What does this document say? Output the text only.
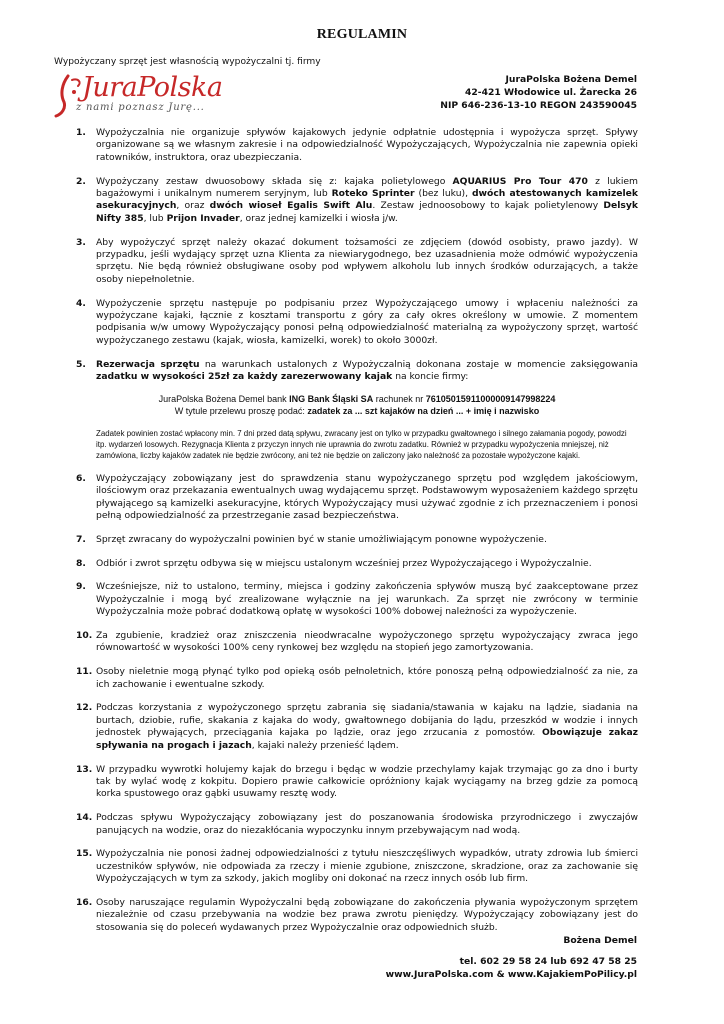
REGULAMIN
Wypożyczany sprzęt jest własnością wypożyczalni tj. firmy
JuraPolska
z nami poznasz Jurę...
JuraPolska Bożena Demel
42-421 Włodowice ul. Żarecka 26
NIP 646-236-13-10 REGON 243590045
1. Wypożyczalnia nie organizuje spływów kajakowych jedynie odpłatnie udostępnia i wypożycza sprzęt. Spływy organizowane są we własnym zakresie i na odpowiedzialność Wypożyczających, Wypożyczalnia nie zapewnia opieki ratowników, instruktora, oraz ubezpieczania.
2. Wypożyczany zestaw dwuosobowy składa się z: kajaka polietylowego AQUARIUS Pro Tour 470 z lukiem bagażowymi i unikalnym numerem seryjnym, lub Roteko Sprinter (bez luku), dwóch atestowanych kamizelek asekuracyjnych, oraz dwóch wioseł Egalis Swift Alu. Zestaw jednoosobowy to kajak polietylenowy Delsyk Nifty 385, lub Prijon Invader, oraz jednej kamizelki i wiosła j/w.
3. Aby wypożyczyć sprzęt należy okazać dokument tożsamości ze zdjęciem (dowód osobisty, prawo jazdy). W przypadku, jeśli wydający sprzęt uzna Klienta za niewiarygodnego, bez uzasadnienia może odmówić wypożyczenia sprzętu. Nie będą również obsługiwane osoby pod wpływem alkoholu lub innych środków odurzających, a także osoby niepełnoletnie.
4. Wypożyczenie sprzętu następuje po podpisaniu przez Wypożyczającego umowy i wpłaceniu należności za wypożyczane kajaki, łącznie z kosztami transportu z góry za cały okres określony w umowie. Z momentem podpisania w/w umowy Wypożyczający ponosi pełną odpowiedzialność materialną za wypożyczony sprzęt, wartość wypożyczanego zestawu (kajak, wiosła, kamizelki, worek) to około 3000zł.
5. Rezerwacja sprzętu na warunkach ustalonych z Wypożyczalnią dokonana zostaje w momencie zaksięgowania zadatku w wysokości 25zł za każdy zarezerwowany kajak na koncie firmy:
JuraPolska Bożena Demel bank ING Bank Śląski SA rachunek nr 76105015911000009147998224
W tytule przelewu proszę podać: zadatek za ... szt kajaków na dzień ... + imię i nazwisko
Zadatek powinien zostać wpłacony min. 7 dni przed datą spływu, zwracany jest on tylko w przypadku gwałtownego i silnego załamania pogody, powodzi itp. wydarzeń losowych. Rezygnacja Klienta z przyczyn innych nie uprawnia do zwrotu zadatku. Również w przypadku wypożyczenia mniejszej, niż zamówiona, liczby kajaków zadatek nie będzie zwrócony, ani też nie będzie on zaliczony jako należność za pozostałe wypożyczone kajaki.
6. Wypożyczający zobowiązany jest do sprawdzenia stanu wypożyczanego sprzętu pod względem jakościowym, ilościowym oraz przekazania ewentualnych uwag wydającemu sprzęt. Podstawowym wyposażeniem każdego sprzętu pływającego są kamizelki asekuracyjne, których Wypożyczający musi używać zgodnie z ich przeznaczeniem i ponosi pełną odpowiedzialność za przestrzeganie zasad bezpieczeństwa.
7. Sprzęt zwracany do wypożyczalni powinien być w stanie umożliwiającym ponowne wypożyczenie.
8. Odbiór i zwrot sprzętu odbywa się w miejscu ustalonym wcześniej przez Wypożyczającego i Wypożyczalnie.
9. Wcześniejsze, niż to ustalono, terminy, miejsca i godziny zakończenia spływów muszą być zaakceptowane przez Wypożyczalnie i mogą być zrealizowane wyłącznie na jej warunkach. Za sprzęt nie zwrócony w terminie Wypożyczalnia może pobrać dodatkową opłatę w wysokości 100% dobowej należności za wypożyczenie.
10. Za zgubienie, kradzież oraz zniszczenia nieodwracalne wypożyczonego sprzętu wypożyczający zwraca jego równowartość w wysokości 100% ceny rynkowej bez względu na stopień jego zamortyzowania.
11. Osoby nieletnie mogą płynąć tylko pod opieką osób pełnoletnich, które ponoszą pełną odpowiedzialność za nie, za ich zachowanie i ewentualne szkody.
12. Podczas korzystania z wypożyczonego sprzętu zabrania się siadania/stawania w kajaku na lądzie, siadania na burtach, dziobie, rufie, skakania z kajaka do wody, gwałtownego dobijania do lądu, przeszkód w wodzie i innych jednostek pływających, przeciągania kajaka po lądzie, oraz jego zrzucania z pomostów. Obowiązuje zakaz spływania na progach i jazach, kajaki należy przenieść lądem.
13. W przypadku wywrotki holujemy kajak do brzegu i będąc w wodzie przechylamy kajak trzymając go za dno i burty tak by wylać wodę z kokpitu. Dopiero prawie całkowicie opróżniony kajak wyciągamy na brzeg gdzie za pomocą korka spustowego oraz gąbki usuwamy resztę wody.
14. Podczas spływu Wypożyczający zobowiązany jest do poszanowania środowiska przyrodniczego i zwyczajów panujących na wodzie, oraz do niezakłócania wypoczynku innym przebywającym nad wodą.
15. Wypożyczalnia nie ponosi żadnej odpowiedzialności z tytułu nieszczęśliwych wypadków, utraty zdrowia lub śmierci uczestników spływów, nie odpowiada za rzeczy i mienie zgubione, zniszczone, skradzione, oraz za zachowanie się Wypożyczających w tym za szkody, jakich mogliby oni dokonać na rzecz innych osób lub firm.
16. Osoby naruszające regulamin Wypożyczalni będą zobowiązane do zakończenia pływania wypożyczonym sprzętem niezależnie od czasu przebywania na wodzie bez prawa zwrotu pieniędzy. Wypożyczający zobowiązany jest do stosowania się do poleceń wydawanych przez Wypożyczalnie oraz odpowiednich służb.
Bożena Demel
tel. 602 29 58 24 lub 692 47 58 25
www.JuraPolska.com & www.KajakiemPoPilicy.pl
